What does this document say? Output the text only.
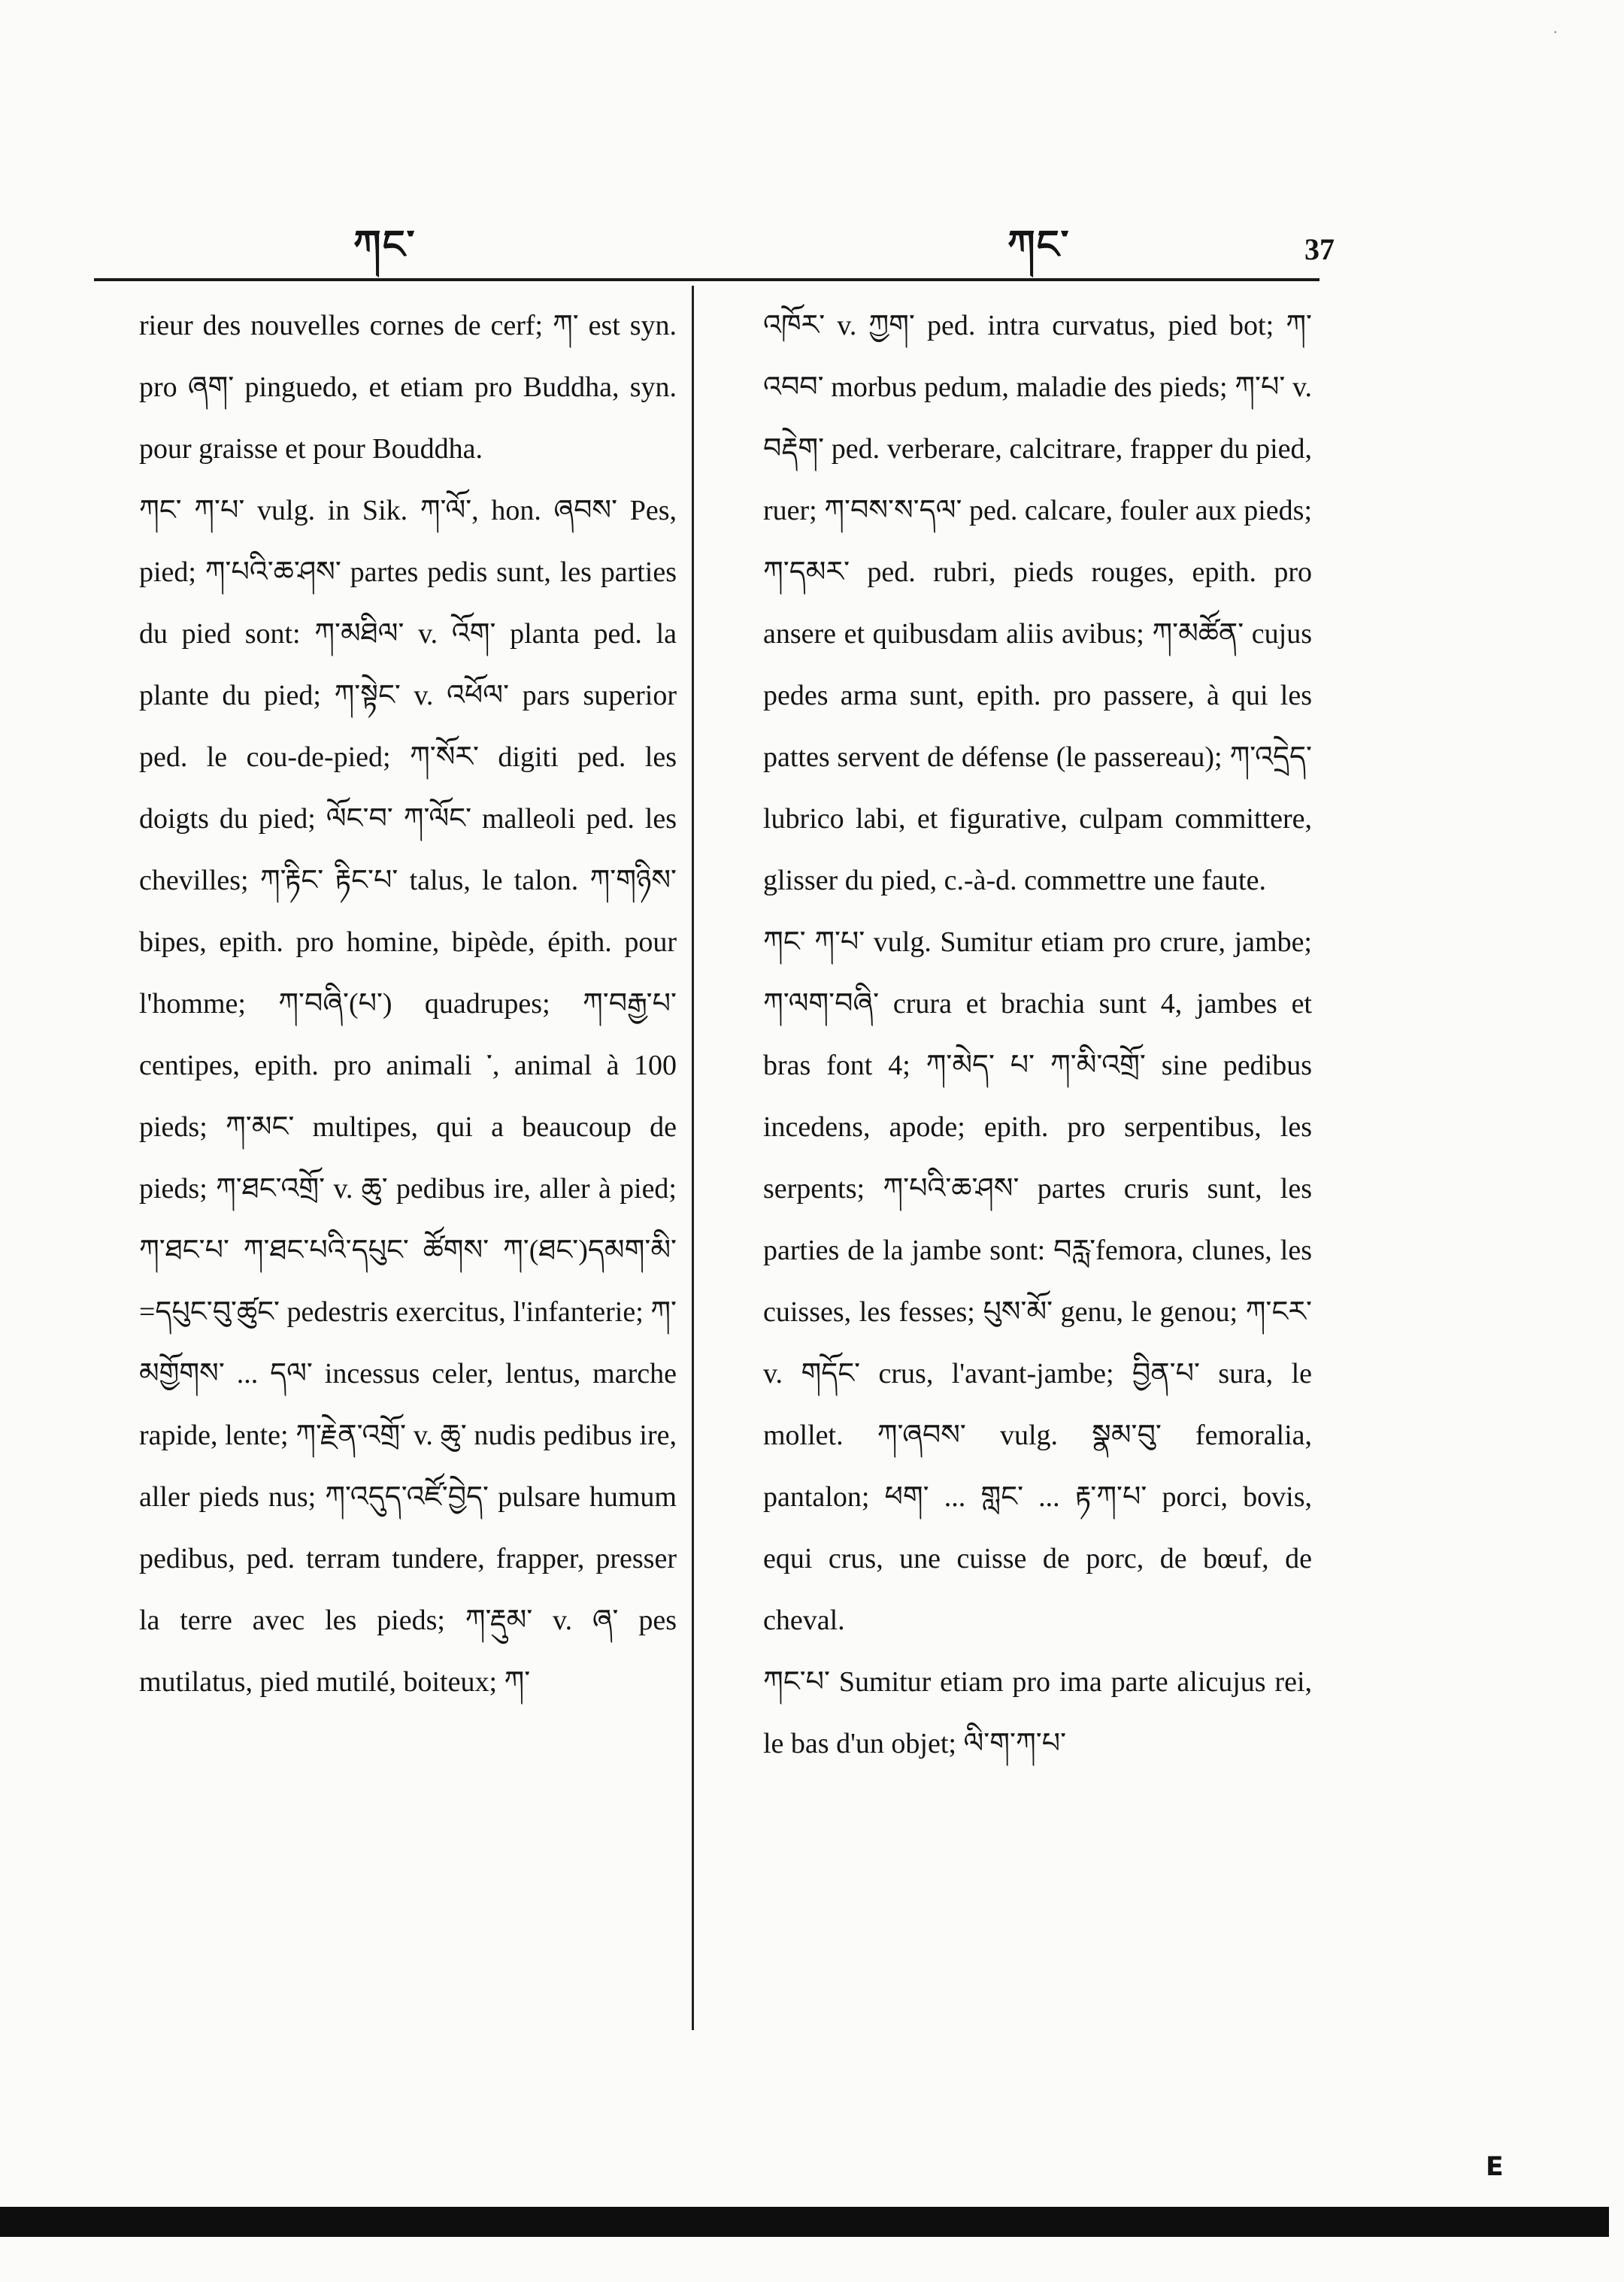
·
ཀང་	ཀང་	37
rieur des nouvelles cornes de cerf; ཀ་ est syn. pro ཞག་ pinguedo, et etiam pro Buddha, syn. pour graisse et pour Bouddha.
ཀང་ ཀ་པ་ vulg. in Sik. ཀ་ལོ་, hon. ཞབས་ Pes, pied; ཀ་པའི་ཆ་ཤས་ partes pedis sunt, les parties du pied sont: ཀ་མཐིལ་ v. འོག་ planta ped. la plante du pied; ཀ་སྟེང་ v. འཕོལ་ pars superior ped. le cou-de-pied; ཀ་སོར་ digiti ped. les doigts du pied; ལོང་བ་ ཀ་ལོང་ malleoli ped. les chevilles; ཀ་རྟིང་ རྟིང་པ་ talus, le talon. ཀ་གཉིས་ bipes, epith. pro homine, bipède, épith. pour l'homme; ཀ་བཞི་(པ་) quadrupes; ཀ་བརྒྱ་པ་ centipes, epith. pro animali ་, animal à 100 pieds; ཀ་མང་ multipes, qui a beaucoup de pieds; ཀ་ཐང་འགྲོ་ v. ཆུ་ pedibus ire, aller à pied; ཀ་ཐང་པ་ ཀ་ཐང་པའི་དཔུང་ ཚོགས་ ཀ་(ཐང་)དམག་མི་=དཔུང་བུ་ཚུང་ pedestris exercitus, l'infanterie; ཀ་ མགྱོགས་ ... དལ་ incessus celer, lentus, marche rapide, lente; ཀ་རྗེན་འགྲོ་ v. ཆུ་ nudis pedibus ire, aller pieds nus; ཀ་འདུད་འཛོ་བྱེད་ pulsare humum pedibus, ped. terram tundere, frapper, presser la terre avec les pieds; ཀ་རྡུམ་ v. ཞ་ pes mutilatus, pied mutilé, boiteux; ཀ་
འཁོར་ v. ཀྱག་ ped. intra curvatus, pied bot; ཀ་འབབ་ morbus pedum, maladie des pieds; ཀ་པ་ v. བརྡེག་ ped. verberare, calcitrare, frapper du pied, ruer; ཀ་བས་ས་དལ་ ped. calcare, fouler aux pieds; ཀ་དམར་ ped. rubri, pieds rouges, epith. pro ansere et quibusdam aliis avibus; ཀ་མཚོན་ cujus pedes arma sunt, epith. pro passere, à qui les pattes servent de défense (le passereau); ཀ་འདྲེད་ lubrico labi, et figurative, culpam committere, glisser du pied, c.-à-d. commettre une faute.
ཀང་ ཀ་པ་ vulg. Sumitur etiam pro crure, jambe; ཀ་ལག་བཞི་ crura et brachia sunt 4, jambes et bras font 4; ཀ་མེད་ པ་ ཀ་མི་འགྲོ་ sine pedibus incedens, apode; epith. pro serpentibus, les serpents; ཀ་པའི་ཆ་ཤས་ partes cruris sunt, les parties de la jambe sont: བརླ་femora, clunes, les cuisses, les fesses; པུས་མོ་ genu, le genou; ཀ་ངར་ v. གདོང་ crus, l'avant-jambe; བྱིན་པ་ sura, le mollet. ཀ་ཞབས་ vulg. སྣམ་བུ་ femoralia, pantalon; ཕག་ ... གླང་ ... རྟ་ཀ་པ་ porci, bovis, equi crus, une cuisse de porc, de bœuf, de cheval.
ཀང་པ་ Sumitur etiam pro ima parte alicujus rei, le bas d'un objet; ལི་ག་ཀ་པ་
ᴇ
